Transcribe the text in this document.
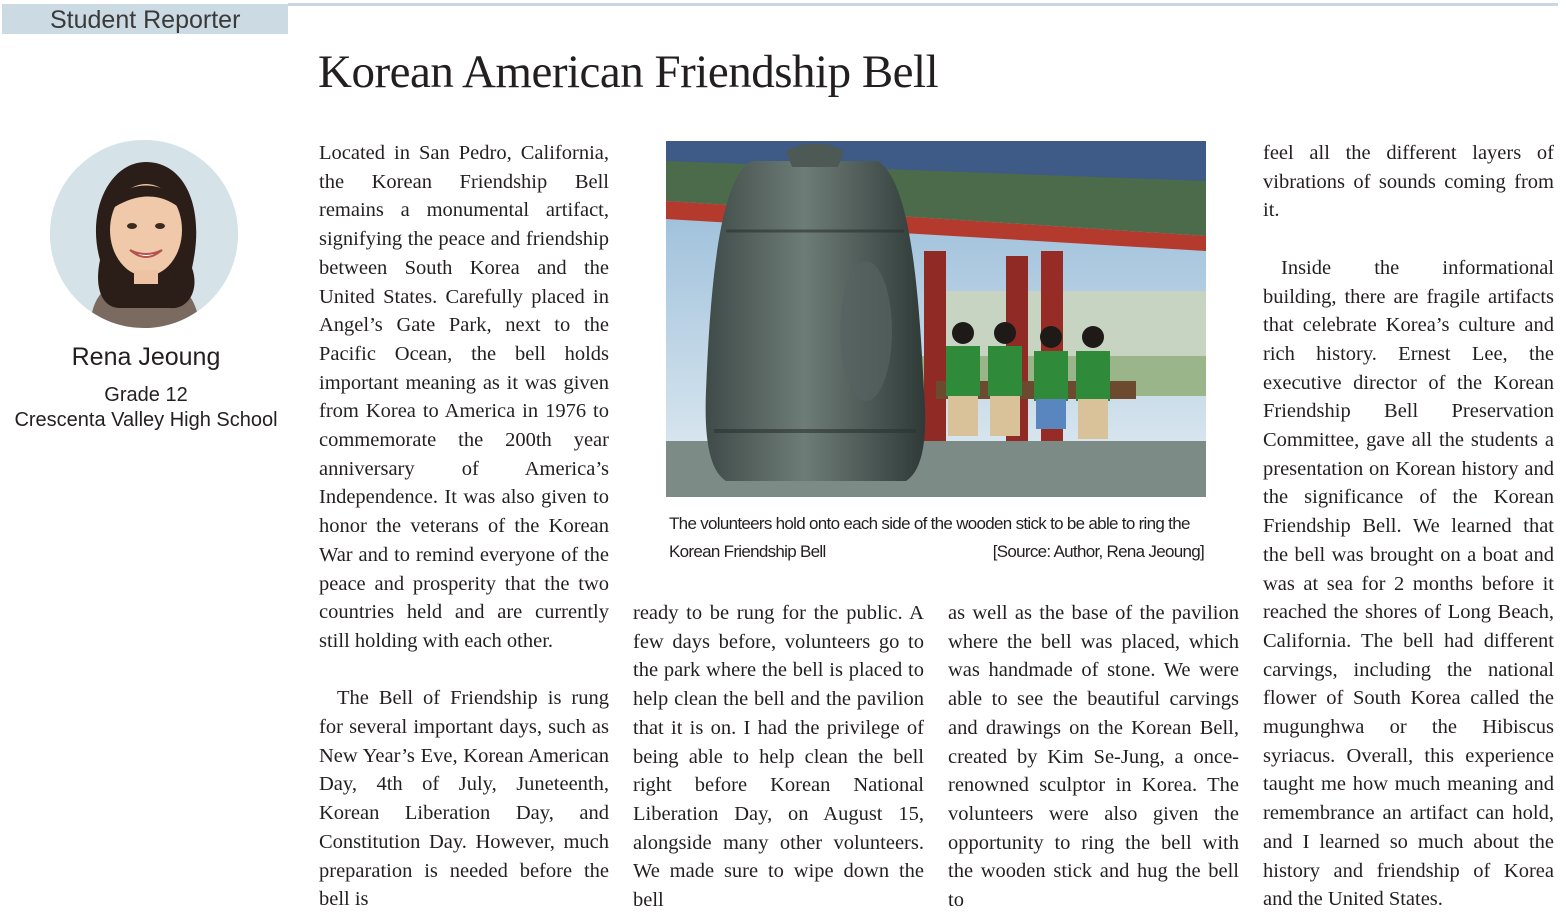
Student Reporter
Korean American Friendship Bell
Rena Jeoung
Grade 12
Crescenta Valley High School

Located in San Pedro, California, the Korean Friendship Bell remains a monumental artifact, signifying the peace and friendship between South Korea and the United States. Carefully placed in Angel’s Gate Park, next to the Pacific Ocean, the bell holds important meaning as it was given from Korea to America in 1976 to commemorate the 200th year anniversary of America’s Independence. It was also given to honor the veterans of the Korean War and to remind everyone of the peace and prosperity that the two countries held and are currently still holding with each other.

The Bell of Friendship is rung for several important days, such as New Year’s Eve, Korean American Day, 4th of July, Juneteenth, Korean Liberation Day, and Constitution Day. However, much preparation is needed before the bell is

The volunteers hold onto each side of the wooden stick to be able to ring the Korean Friendship Bell	[Source: Author, Rena Jeoung]

ready to be rung for the public. A few days before, volunteers go to the park where the bell is placed to help clean the bell and the pavilion that it is on. I had the privilege of being able to help clean the bell right before Korean National Liberation Day, on August 15, alongside many other volunteers. We made sure to wipe down the bell

as well as the base of the pavilion where the bell was placed, which was handmade of stone. We were able to see the beautiful carvings and drawings on the Korean Bell, created by Kim Se-Jung, a once-renowned sculptor in Korea. The volunteers were also given the opportunity to ring the bell with the wooden stick and hug the bell to

feel all the different layers of vibrations of sounds coming from it.

Inside the informational building, there are fragile artifacts that celebrate Korea’s culture and rich history. Ernest Lee, the executive director of the Korean Friendship Bell Preservation Committee, gave all the students a presentation on Korean history and the significance of the Korean Friendship Bell. We learned that the bell was brought on a boat and was at sea for 2 months before it reached the shores of Long Beach, California. The bell had different carvings, including the national flower of South Korea called the mugunghwa or the Hibiscus syriacus. Overall, this experience taught me how much meaning and remembrance an artifact can hold, and I learned so much about the history and friendship of Korea and the United States.
